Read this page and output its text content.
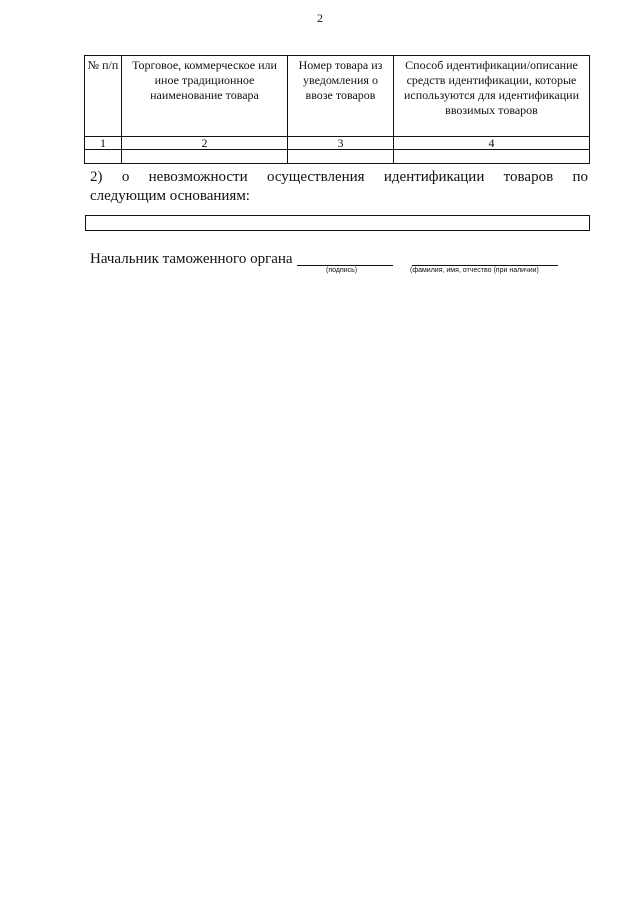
2
№ п/п	Торговое, коммерческое или иное традиционное наименование товара	Номер товара из уведомления о ввозе товаров	Способ идентификации/описание средств идентификации, которые используются для идентификации ввозимых товаров
1	2	3	4

2) о невозможности осуществления идентификации товаров по
следующим основаниям:
Начальник таможенного органа
(подпись)	(фамилия, имя, отчество (при наличии)
